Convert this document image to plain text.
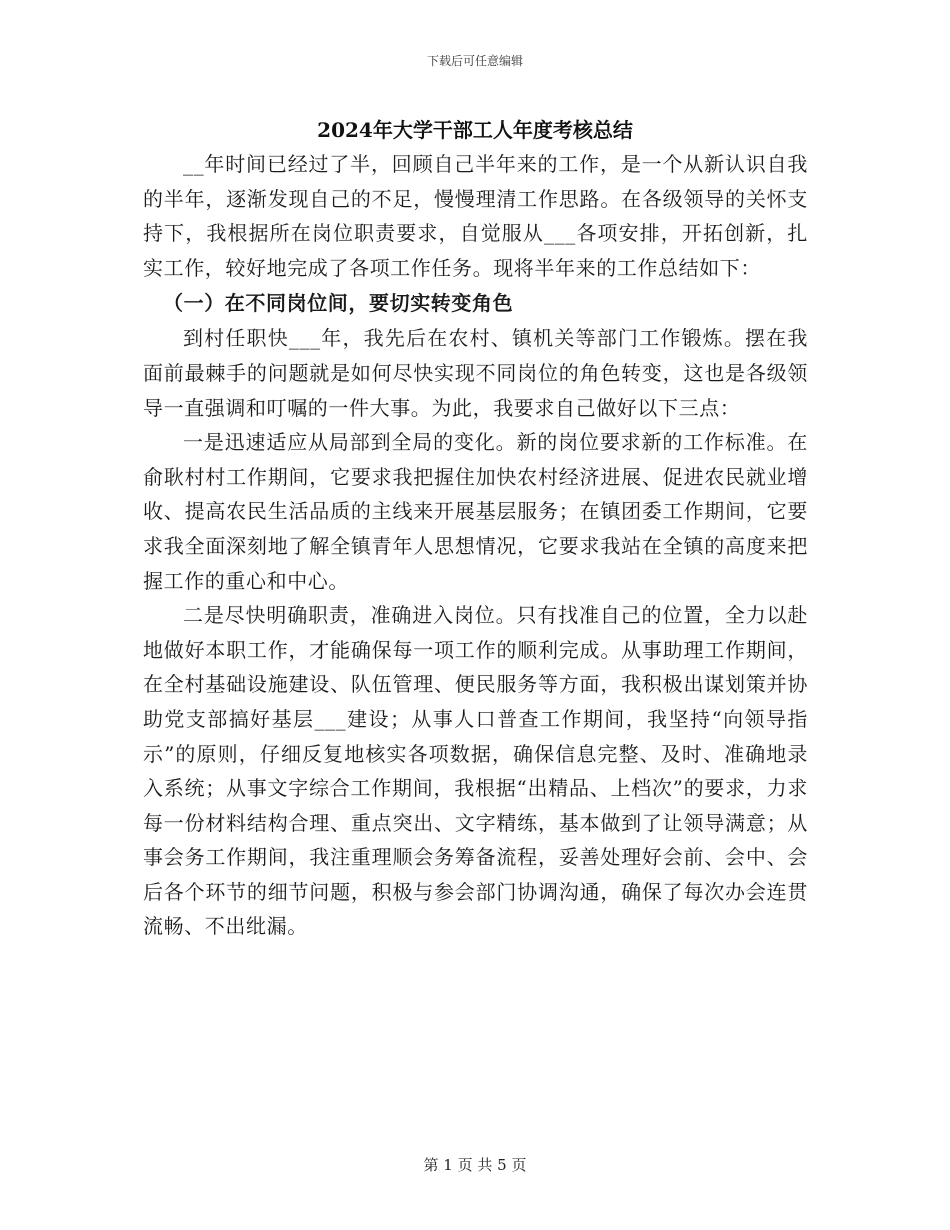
下载后可任意编辑
2024年大学干部工人年度考核总结

__年时间已经过了半，回顾自己半年来的工作，是一个从新认识自我的半年，逐渐发现自己的不足，慢慢理清工作思路。在各级领导的关怀支持下，我根据所在岗位职责要求，自觉服从___各项安排，开拓创新，扎实工作，较好地完成了各项工作任务。现将半年来的工作总结如下：

（一）在不同岗位间，要切实转变角色

到村任职快___年，我先后在农村、镇机关等部门工作锻炼。摆在我面前最棘手的问题就是如何尽快实现不同岗位的角色转变，这也是各级领导一直强调和叮嘱的一件大事。为此，我要求自己做好以下三点：

一是迅速适应从局部到全局的变化。新的岗位要求新的工作标准。在俞耿村村工作期间，它要求我把握住加快农村经济进展、促进农民就业增收、提高农民生活品质的主线来开展基层服务；在镇团委工作期间，它要求我全面深刻地了解全镇青年人思想情况，它要求我站在全镇的高度来把握工作的重心和中心。

二是尽快明确职责，准确进入岗位。只有找准自己的位置，全力以赴地做好本职工作，才能确保每一项工作的顺利完成。从事助理工作期间，在全村基础设施建设、队伍管理、便民服务等方面，我积极出谋划策并协助党支部搞好基层___建设；从事人口普查工作期间，我坚持“向领导指示”的原则，仔细反复地核实各项数据，确保信息完整、及时、准确地录入系统；从事文字综合工作期间，我根据“出精品、上档次”的要求，力求每一份材料结构合理、重点突出、文字精练，基本做到了让领导满意；从事会务工作期间，我注重理顺会务筹备流程，妥善处理好会前、会中、会后各个环节的细节问题，积极与参会部门协调沟通，确保了每次办会连贯流畅、不出纰漏。

第 1 页 共 5 页
